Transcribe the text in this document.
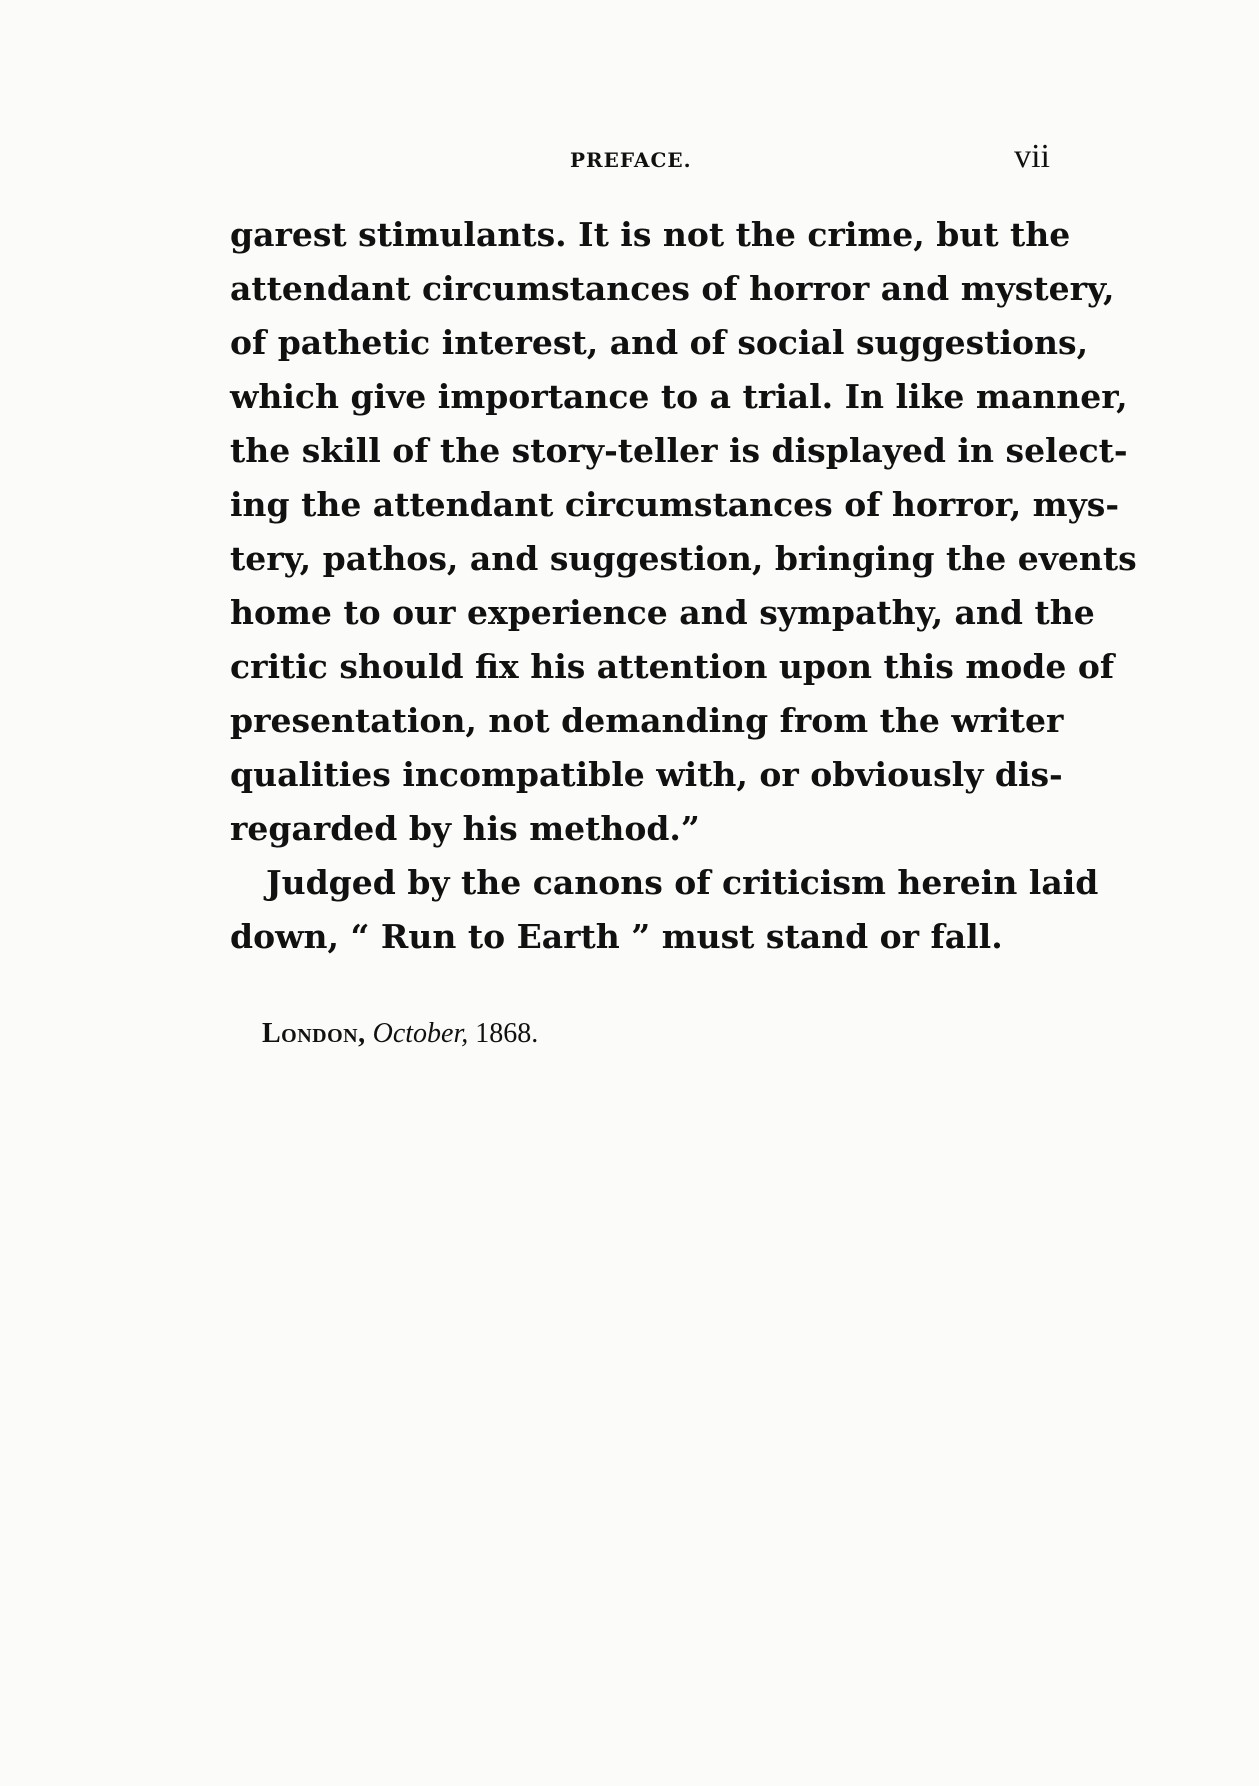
PREFACE.	vii
garest stimulants. It is not the crime, but the
attendant circumstances of horror and mystery,
of pathetic interest, and of social suggestions,
which give importance to a trial. In like manner,
the skill of the story-teller is displayed in select-
ing the attendant circumstances of horror, mys-
tery, pathos, and suggestion, bringing the events
home to our experience and sympathy, and the
critic should fix his attention upon this mode of
presentation, not demanding from the writer
qualities incompatible with, or obviously dis-
regarded by his method.”
Judged by the canons of criticism herein laid
down, “ Run to Earth ” must stand or fall.
London, October, 1868.
